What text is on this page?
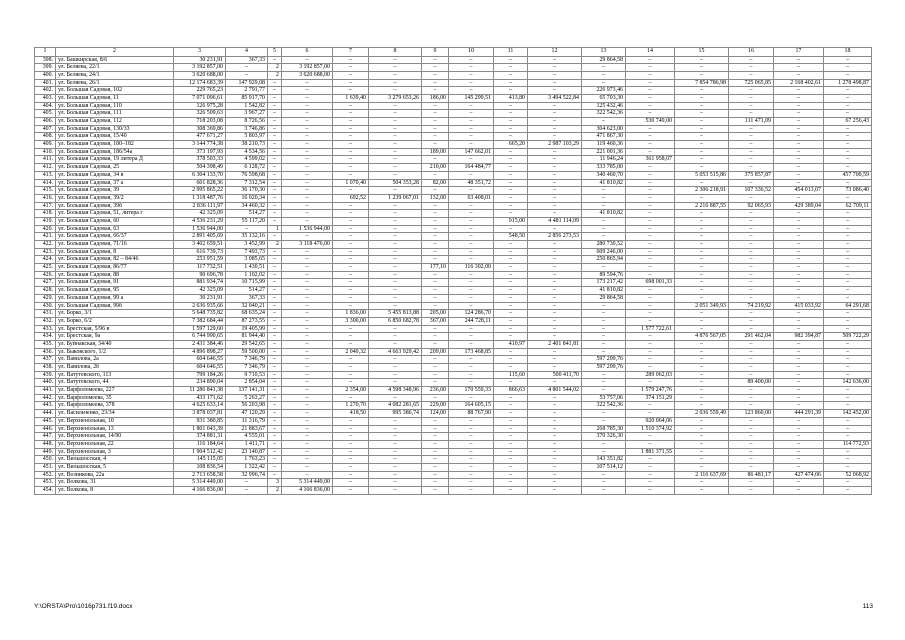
1	2	3	4	5	6	7	8	9	10	11	12	13	14	15	16	17	18
398.	ул. Башкирская, 8/6	30 231,91	367,33	–	–	–	–	–	–	–	–	29 864,58	–	–	–	–	–
399.	ул. Беляева, 22/1	3 192 857,00	–	2	3 192 857,00	–	–	–	–	–	–	–	–	–	–	–	–
400.	ул. Беляева, 24/1	3 620 688,00	–	2	3 620 688,00	–	–	–	–	–	–	–	–	–	–	–	–
401.	ул. Беляева, 26/1	12 174 683,39	147 929,08	–	–	–	–	–	–	–	–	–	–	7 854 786,98	725 065,85	2 168 402,61	1 278 498,87
402.	ул. Большая Садовая, 102	229 765,23	2 791,77	–	–	–	–	–	–	–	–	226 973,46	–	–	–	–	–
403.	ул. Большая Садовая, 11	7 071 096,61	85 917,70	–	–	1 639,40	3 279 653,26	186,00	145 299,51	413,80	3 494 522,84	65 703,30	–	–	–	–	–
404.	ул. Большая Садовая, 110	126 975,28	1 542,82	–	–	–	–	–	–	–	–	125 432,46	–	–	–	–	–
405.	ул. Большая Садовая, 111	326 509,63	3 967,27	–	–	–	–	–	–	–	–	322 542,36	–	–	–	–	–
406.	ул. Большая Садовая, 112	718 203,08	8 726,56	–	–	–	–	–	–	–	–	–	530 749,00	–	111 471,09	–	67 256,43
407.	ул. Большая Садовая, 130/33	308 369,86	3 746,86	–	–	–	–	–	–	–	–	304 623,00	–	–	–	–	–
408.	ул. Большая Садовая, 15/40	477 671,27	5 803,97	–	–	–	–	–	–	–	–	471 867,30	–	–	–	–	–
409.	ул. Большая Садовая, 180–182	3 144 774,38	38 210,73	–	–	–	–	–	–	665,20	2 987 103,29	119 460,36	–	–	–	–	–
410.	ул. Большая Садовая, 186/54а	373 197,93	4 534,56	–	–	–	–	189,00	147 662,01	–	–	221 001,36	–	–	–	–	–
411.	ул. Большая Садовая, 19 литера Д	378 503,33	4 599,02	–	–	–	–	–	–	–	–	11 946,24	361 958,07	–	–	–	–
412.	ул. Большая Садовая, 25	504 398,49	6 128,72	–	–	–	–	210,00	164 484,77	–	–	333 785,00	–	–	–	–	–
413.	ул. Большая Садовая, 34 в	6 304 133,70	76 598,68	–	–	–	–	–	–	–	–	340 460,70	–	5 053 515,86	375 857,87	–	457 700,59
414.	ул. Большая Садовая, 37 а	601 828,36	7 312,54	–	–	1 070,40	504 353,28	82,00	48 351,72	–	–	41 810,82	–	–	–	–	–
415.	ул. Большая Садовая, 39	2 995 865,22	36 170,30	–	–	–	–	–	–	–	–	–	–	2 306 218,91	107 336,52	454 013,07	73 086,40
416.	ул. Большая Садовая, 39/2	1 318 487,76	16 020,34	–	–	692,52	1 239 067,01	132,00	63 408,01	–	–	–	–	–	–	–	–
417.	ул. Большая Садовая, 39б	2 836 111,97	34 460,32	–	–	–	–	–	–	–	–	–	–	2 216 887,55	92 065,93	429 389,04	62 709,11
418.	ул. Большая Садовая, 51, литера г	42 325,09	514,27	–	–	–	–	–	–	–	–	41 810,82	–	–	–	–	–
419.	ул. Большая Садовая, 60	4 536 231,29	55 117,20	–	–	–	–	–	–	915,00	4 481 114,09	–	–	–	–	–	–
420.	ул. Большая Садовая, 63	1 536 944,00	–	1	1 536 944,00	–	–	–	–	–	–	–	–	–	–	–	–
421.	ул. Большая Садовая, 66/37	2 891 405,69	35 132,16	–	–	–	–	–	–	548,50	2 856 273,53	–	–	–	–	–	–
422.	ул. Большая Садовая, 71/16	3 402 659,51	3 452,99	2	3 118 476,00	–	–	–	–	–	–	280 730,52	–	–	–	–	–
423.	ул. Большая Садовая, 8	616 739,73	7 493,73	–	–	–	–	–	–	–	–	609 246,00	–	–	–	–	–
424.	ул. Большая Садовая, 82 – 84/46	253 951,59	3 085,65	–	–	–	–	–	–	–	–	250 865,94	–	–	–	–	–
425.	ул. Большая Садовая, 86/77	117 732,51	1 430,51	–	–	–	–	177,10	116 302,00	–	–	–	–	–	–	–	–
426.	ул. Большая Садовая, 88	90 696,78	1 102,02	–	–	–	–	–	–	–	–	89 594,76	–	–	–	–	–
427.	ул. Большая Садовая, 91	881 934,74	10 715,99	–	–	–	–	–	–	–	–	173 217,42	698 001,33	–	–	–	–
428.	ул. Большая Садовая, 95	42 325,09	514,27	–	–	–	–	–	–	–	–	41 810,82	–	–	–	–	–
429.	ул. Большая Садовая, 99 а	30 231,91	367,33	–	–	–	–	–	–	–	–	29 864,58	–	–	–	–	–
430.	ул. Большая Садовая, 99б	2 636 935,66	32 040,21	–	–	–	–	–	–	–	–	–	–	2 051 349,93	74 219,92	415 033,92	64 291,68
431.	ул. Борко, 3/1	5 648 735,82	68 635,24	–	–	1 836,00	5 455 813,88	205,00	124 286,70	–	–	–	–	–	–	–	–
432.	ул. Борко, 6/2	7 382 684,44	87 273,55	–	–	3 300,00	6 850 682,78	367,00	244 728,11	–	–	–	–	–	–	–	–
433.	ул. Брестская, 5/96 в	1 597 129,60	19 405,99	–	–	–	–	–	–	–	–	–	1 577 722,61	–	–	–	–
434.	ул. Брестская, 9а	6 744 990,65	81 944,40	–	–	–	–	–	–	–	–	–	–	4 876 567,05	291 462,04	982 394,87	509 722,29
435.	ул. Буйнакская, 34/40	2 431 384,46	29 542,65	–	–	–	–	–	–	410,97	2 401 841,81	–	–	–	–	–	–
436.	ул. Быковского, 1/2	4 896 898,27	59 500,00	–	–	2 040,32	4 663 929,42	209,00	173 468,85	–	–	–	–	–	–	–	–
437.	ул. Вавилова, 2а	604 646,55	7 346,79	–	–	–	–	–	–	–	–	597 299,76	–	–	–	–	–
438.	ул. Вавилова, 2б	604 646,55	7 346,79	–	–	–	–	–	–	–	–	597 299,76	–	–	–	–	–
439.	ул. Ватутевского, 113	799 184,26	9 710,53	–	–	–	–	–	–	115,60	500 411,70	–	289 062,03	–	–	–	–
440.	ул. Ватутевского, 44	234 890,04	2 854,04	–	–	–	–	–	–	–	–	–	–	–	89 400,00	–	142 636,00
441.	ул. Варфоломеева, 227	11 286 841,38	137 141,31	–	–	2 354,00	4 598 348,96	236,00	170 559,33	866,63	4 801 544,02	–	1 579 247,76	–	–	–	–
442.	ул. Варфоломеева, 35	433 171,62	5 263,27	–	–	–	–	–	–	–	–	53 757,06	374 151,29	–	–	–	–
443.	ул. Варфоломеева, 378	4 625 633,14	56 203,98	–	–	1 270,70	4 082 281,65	229,00	164 605,15	–	–	322 542,36	–	–	–	–	–
444.	ул. Васильченко, 23/34	3 878 037,81	47 120,29	–	–	418,50	995 386,74	124,00	88 767,90	–	–	–	–	2 036 559,49	123 860,00	444 291,39	142 452,00
445.	ул. Верхненольная, 10	931 380,85	11 316,79	–	–	–	–	–	–	–	–	–	920 064,06	–	–	–	–
446.	ул. Верхненольная, 13	1 801 043,39	21 883,67	–	–	–	–	–	–	–	–	268 785,30	1 510 374,92	–	–	–	–
447.	ул. Верхненольная, 14/90	374 881,31	4 555,01	–	–	–	–	–	–	–	–	370 326,30	–	–	–	–	–
448.	ул. Верхненольная, 22	116 184,64	1 411,71	–	–	–	–	–	–	–	–	–	–	–	–	–	114 772,93
449.	ул. Верхненольная, 3	1 904 512,42	23 140,87	–	–	–	–	–	–	–	–	–	1 881 371,55	–	–	–	–
450.	ул. Вильшосская, 4	145 115,05	1 763,23	–	–	–	–	–	–	–	–	143 351,82	–	–	–	–	–
451.	ул. Вильшосская, 5	108 836,54	1 322,42	–	–	–	–	–	–	–	–	107 514,12	–	–	–	–	–
452.	ул. Возникова, 22а	2 713 658,58	32 996,74	–	–	–	–	–	–	–	–	–	–	2 116 637,69	86 481,17	427 474,06	52 068,92
453.	ул. Волкова, 31	5 314 449,00	–	3	5 314 449,00	–	–	–	–	–	–	–	–	–	–	–	–
454.	ул. Волкова, 8	4 166 836,00	–	2	4 166 836,00	–	–	–	–	–	–	–	–	–	–	–	–
Y:\ORSTA\Pro\1016p731.f19.docx	113
